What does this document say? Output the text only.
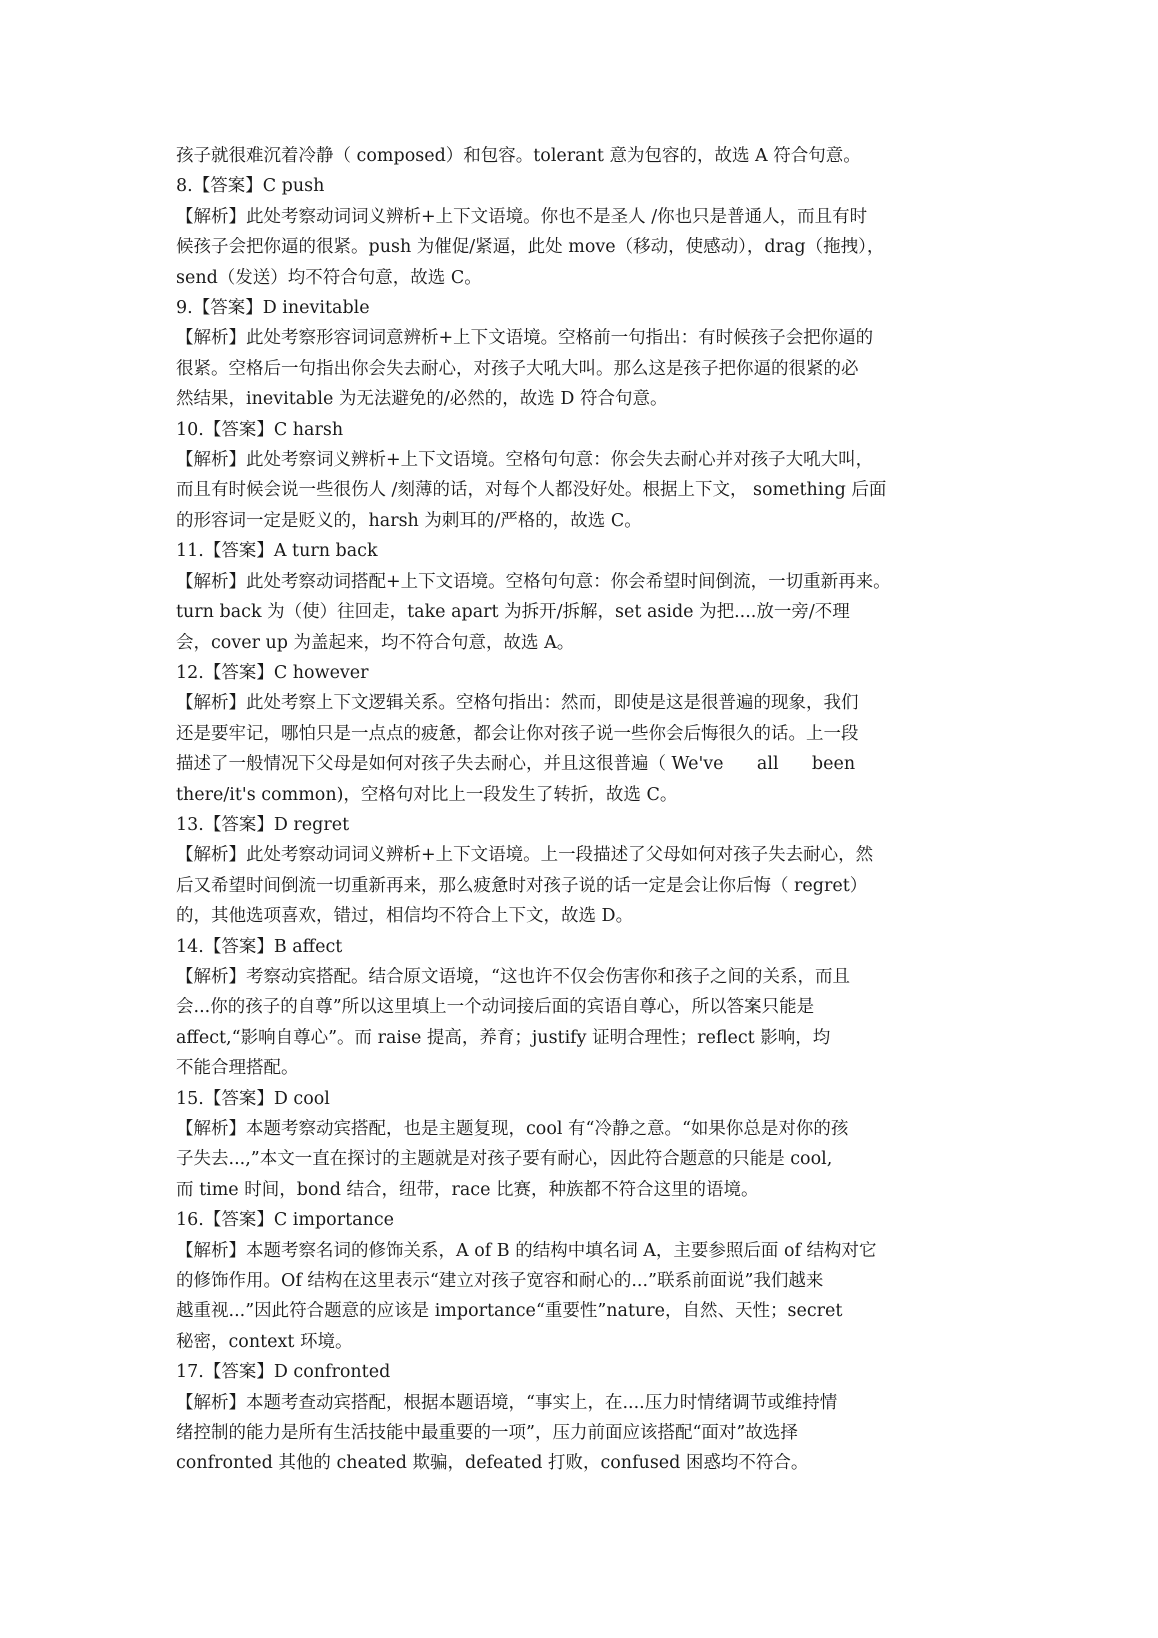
孩子就很难沉着冷静（ composed）和包容。tolerant 意为包容的，故选 A 符合句意。
8.【答案】C push
【解析】此处考察动词词义辨析+上下文语境。你也不是圣人 /你也只是普通人，而且有时
候孩子会把你逼的很紧。push 为催促/紧逼，此处 move（移动，使感动），drag（拖拽），
send（发送）均不符合句意，故选 C。
9.【答案】D inevitable
【解析】此处考察形容词词意辨析+上下文语境。空格前一句指出：有时候孩子会把你逼的
很紧。空格后一句指出你会失去耐心，对孩子大吼大叫。那么这是孩子把你逼的很紧的必
然结果，inevitable 为无法避免的/必然的，故选 D 符合句意。
10.【答案】C harsh
【解析】此处考察词义辨析+上下文语境。空格句句意：你会失去耐心并对孩子大吼大叫，
而且有时候会说一些很伤人 /刻薄的话，对每个人都没好处。根据上下文， something 后面
的形容词一定是贬义的，harsh 为刺耳的/严格的，故选 C。
11.【答案】A turn back
【解析】此处考察动词搭配+上下文语境。空格句句意：你会希望时间倒流，一切重新再来。
turn back 为（使）往回走，take apart 为拆开/拆解，set aside 为把....放一旁/不理
会，cover up 为盖起来，均不符合句意，故选 A。
12.【答案】C however
【解析】此处考察上下文逻辑关系。空格句指出：然而，即使是这是很普遍的现象，我们
还是要牢记，哪怕只是一点点的疲惫，都会让你对孩子说一些你会后悔很久的话。上一段
描述了一般情况下父母是如何对孩子失去耐心，并且这很普遍（ We've      all      been
there/it's common)，空格句对比上一段发生了转折，故选 C。
13.【答案】D regret
【解析】此处考察动词词义辨析+上下文语境。上一段描述了父母如何对孩子失去耐心，然
后又希望时间倒流一切重新再来，那么疲惫时对孩子说的话一定是会让你后悔（ regret）
的，其他选项喜欢，错过，相信均不符合上下文，故选 D。
14.【答案】B affect
【解析】考察动宾搭配。结合原文语境，“这也许不仅会伤害你和孩子之间的关系，而且
会...你的孩子的自尊”所以这里填上一个动词接后面的宾语自尊心，所以答案只能是
affect,“影响自尊心”。而 raise 提高，养育；justify 证明合理性；reflect 影响，均
不能合理搭配。
15.【答案】D cool
【解析】本题考察动宾搭配，也是主题复现，cool 有“冷静之意。“如果你总是对你的孩
子失去...,”本文一直在探讨的主题就是对孩子要有耐心，因此符合题意的只能是 cool,
而 time 时间，bond 结合，纽带，race 比赛，种族都不符合这里的语境。
16.【答案】C importance
【解析】本题考察名词的修饰关系，A of B 的结构中填名词 A，主要参照后面 of 结构对它
的修饰作用。Of 结构在这里表示“建立对孩子宽容和耐心的...”联系前面说”我们越来
越重视...”因此符合题意的应该是 importance“重要性”nature，自然、天性；secret
秘密，context 环境。
17.【答案】D confronted
【解析】本题考查动宾搭配，根据本题语境，“事实上，在....压力时情绪调节或维持情
绪控制的能力是所有生活技能中最重要的一项”，压力前面应该搭配“面对”故选择
confronted 其他的 cheated 欺骗，defeated 打败，confused 困惑均不符合。
